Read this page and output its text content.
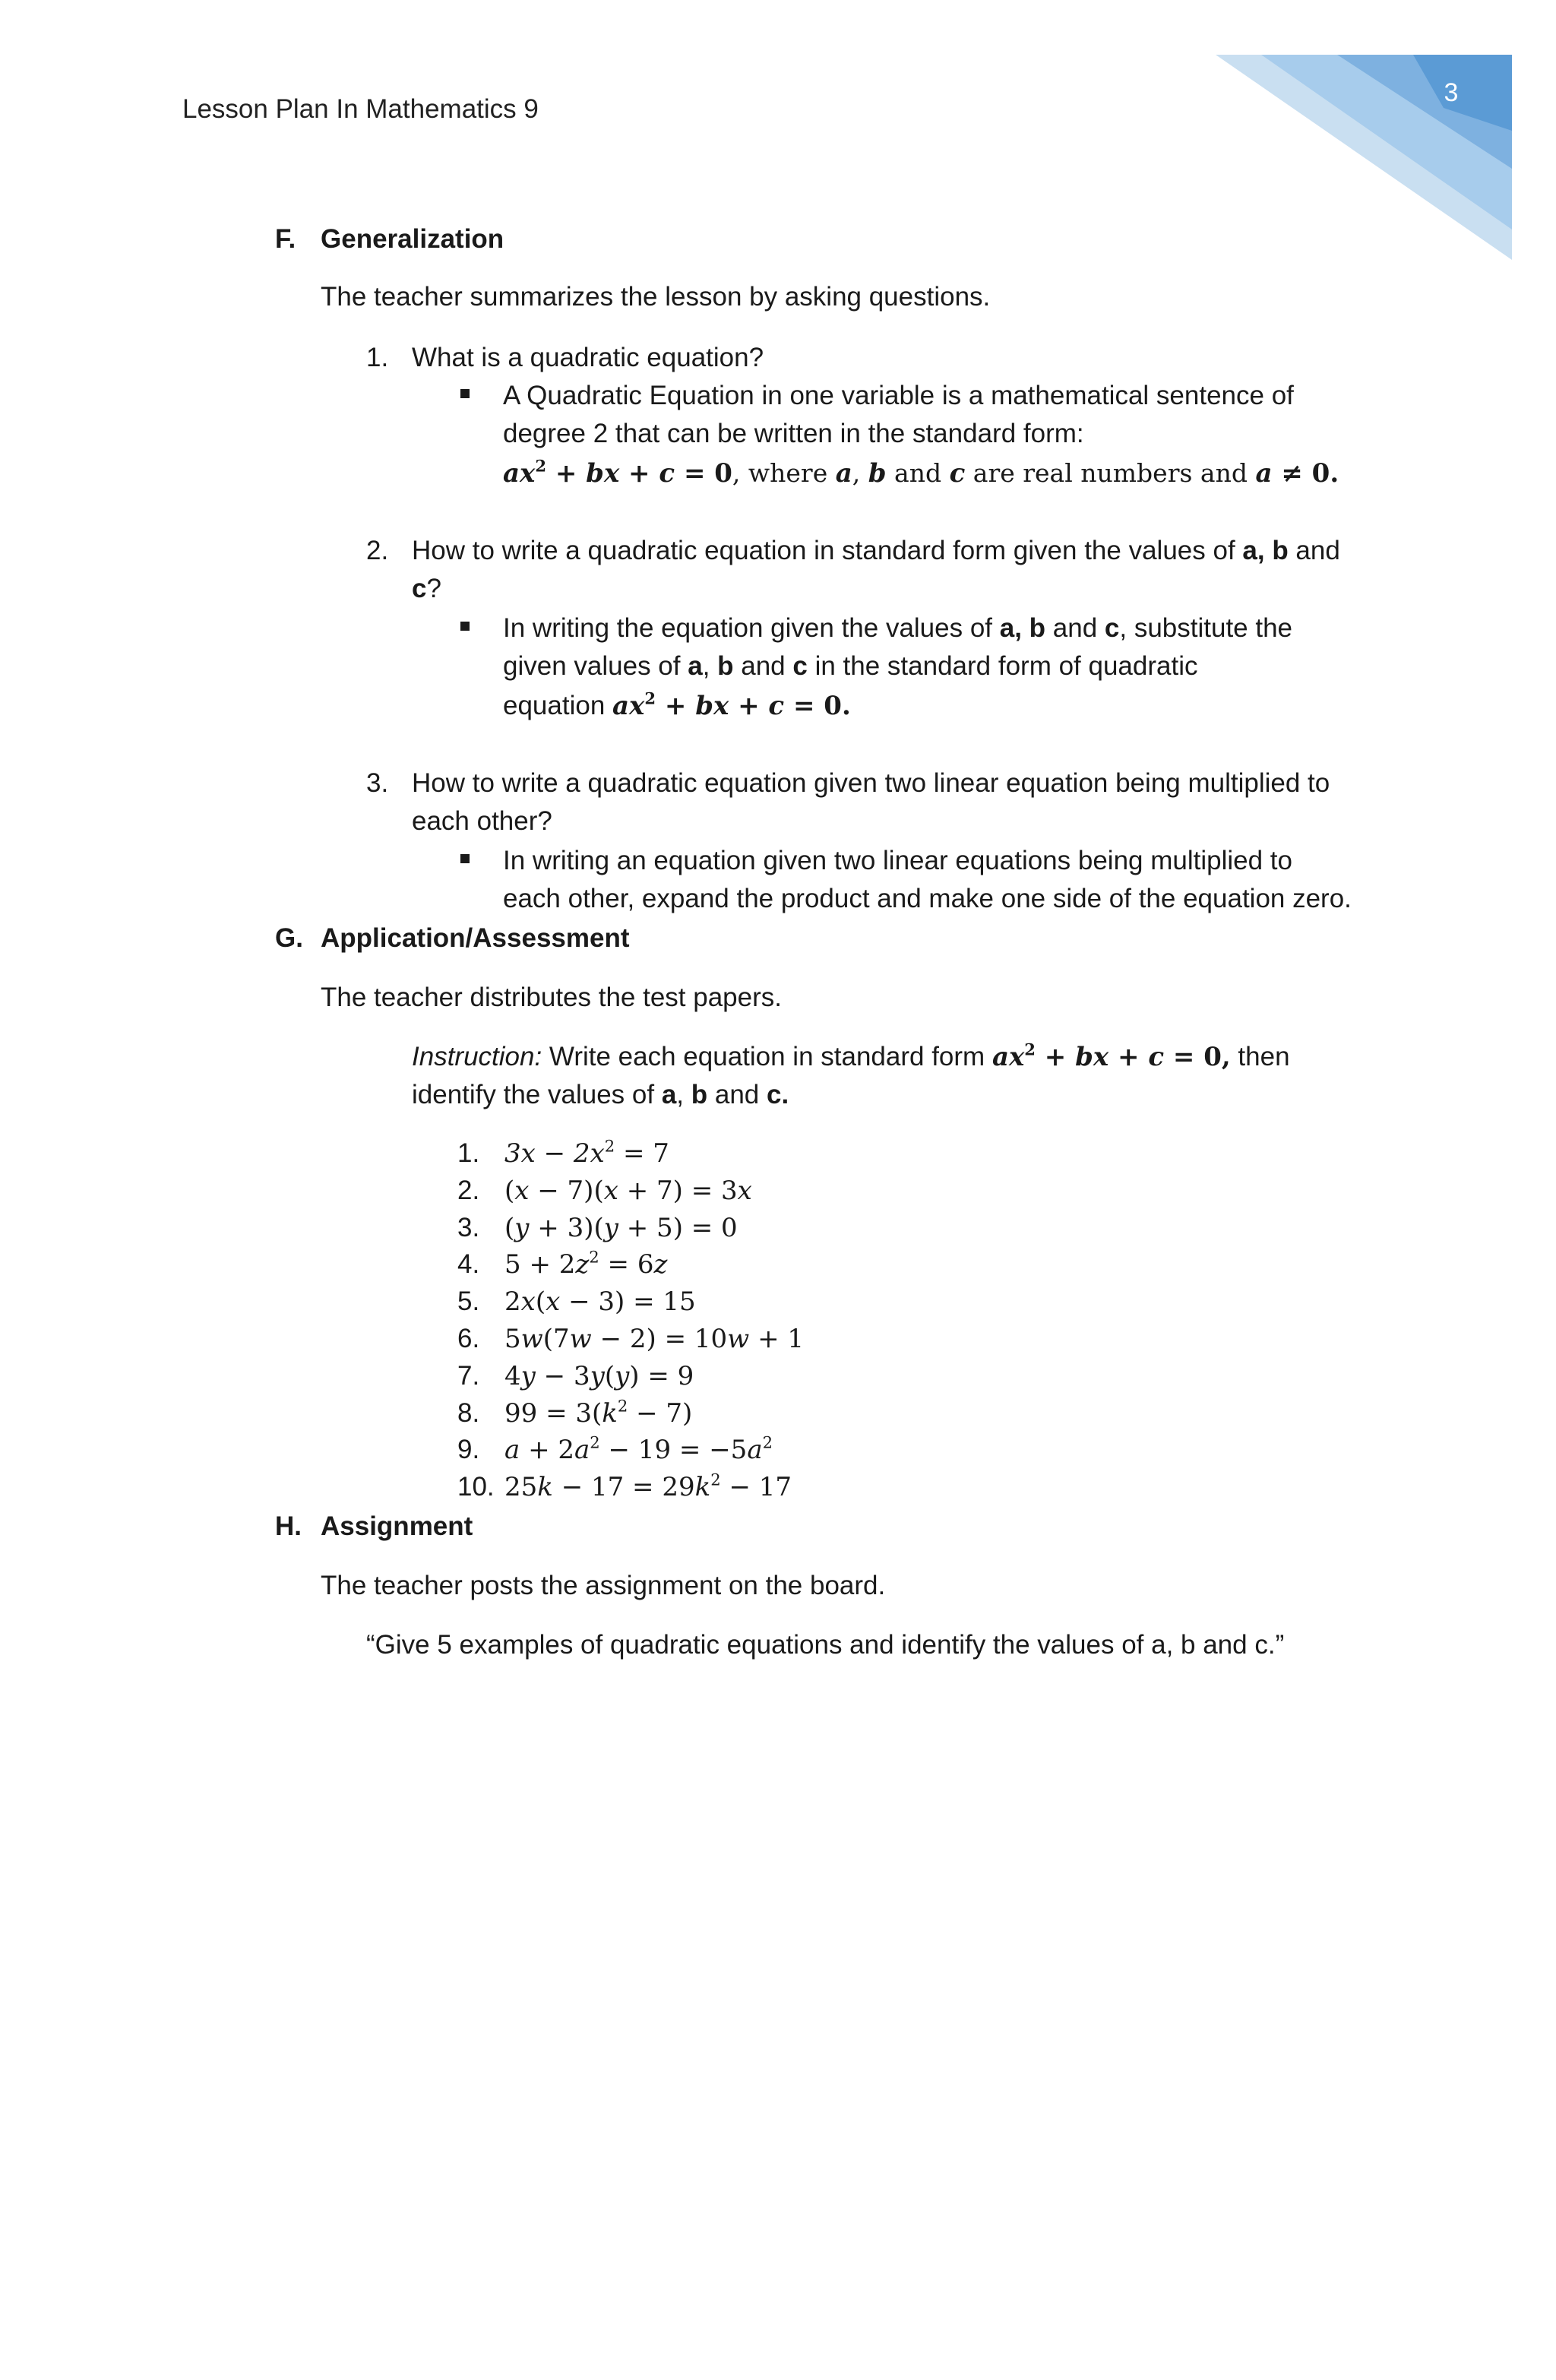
3
Lesson Plan In Mathematics 9
F. Generalization
The teacher summarizes the lesson by asking questions.
1. What is a quadratic equation?
A Quadratic Equation in one variable is a mathematical sentence of
degree 2 that can be written in the standard form:
$ax^2$ + bx + c = 0, where a, b and c are real numbers and a ≠ 0.
2. How to write a quadratic equation in standard form given the values of a, b and
c?
In writing the equation given the values of a, b and c, substitute the
given values of a, b and c in the standard form of quadratic
equation $ax^2$ + bx + c = 0.
3. How to write a quadratic equation given two linear equation being multiplied to
each other?
In writing an equation given two linear equations being multiplied to
each other, expand the product and make one side of the equation zero.
G. Application/Assessment
The teacher distributes the test papers.
Instruction: Write each equation in standard form $ax^2$ + bx + c = 0, then
identify the values of a, b and c.
1. $3x - 2x^2 = 7$
2. (x − 7)(x + 7) = 3x
3. (y + 3)(y + 5) = 0
4. $5 + 2z^2 = 6z$
5. 2x(x − 3) = 15
6. 5w(7w − 2) = 10w + 1
7. 4y − 3y(y) = 9
8. $99 = 3(k^2 - 7)$
9. $a + 2a^2 - 19 = -5a^2$
10. $25k - 17 = 29k^2 - 17$
H. Assignment
The teacher posts the assignment on the board.
“Give 5 examples of quadratic equations and identify the values of a, b and c.”
